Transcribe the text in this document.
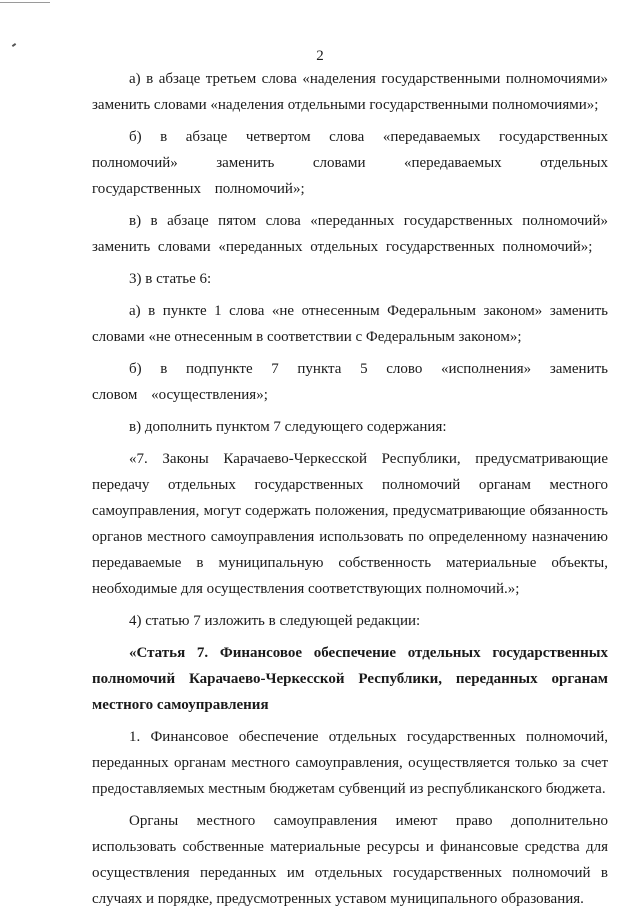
2

а) в абзаце третьем слова «наделения государственными полномочиями» заменить словами «наделения отдельными государственными полномочиями»;

б) в абзаце четвертом слова «передаваемых государственных полномочий» заменить словами «передаваемых отдельных государственных полномочий»;

в) в абзаце пятом слова «переданных государственных полномочий» заменить словами «переданных отдельных государственных полномочий»;

3) в статье 6:

а) в пункте 1 слова «не отнесенным Федеральным законом» заменить словами «не отнесенным в соответствии с Федеральным законом»;

б) в подпункте 7 пункта 5 слово «исполнения» заменить словом «осуществления»;

в) дополнить пунктом 7 следующего содержания:

«7. Законы Карачаево-Черкесской Республики, предусматривающие передачу отдельных государственных полномочий органам местного самоуправления, могут содержать положения, предусматривающие обязанность органов местного самоуправления использовать по определенному назначению передаваемые в муниципальную собственность материальные объекты, необходимые для осуществления соответствующих полномочий.»;

4) статью 7 изложить в следующей редакции:

«Статья 7. Финансовое обеспечение отдельных государственных полномочий Карачаево-Черкесской Республики, переданных органам местного самоуправления

1. Финансовое обеспечение отдельных государственных полномочий, переданных органам местного самоуправления, осуществляется только за счет предоставляемых местным бюджетам субвенций из республиканского бюджета.

Органы местного самоуправления имеют право дополнительно использовать собственные материальные ресурсы и финансовые средства для осуществления переданных им отдельных государственных полномочий в случаях и порядке, предусмотренных уставом муниципального образования.
